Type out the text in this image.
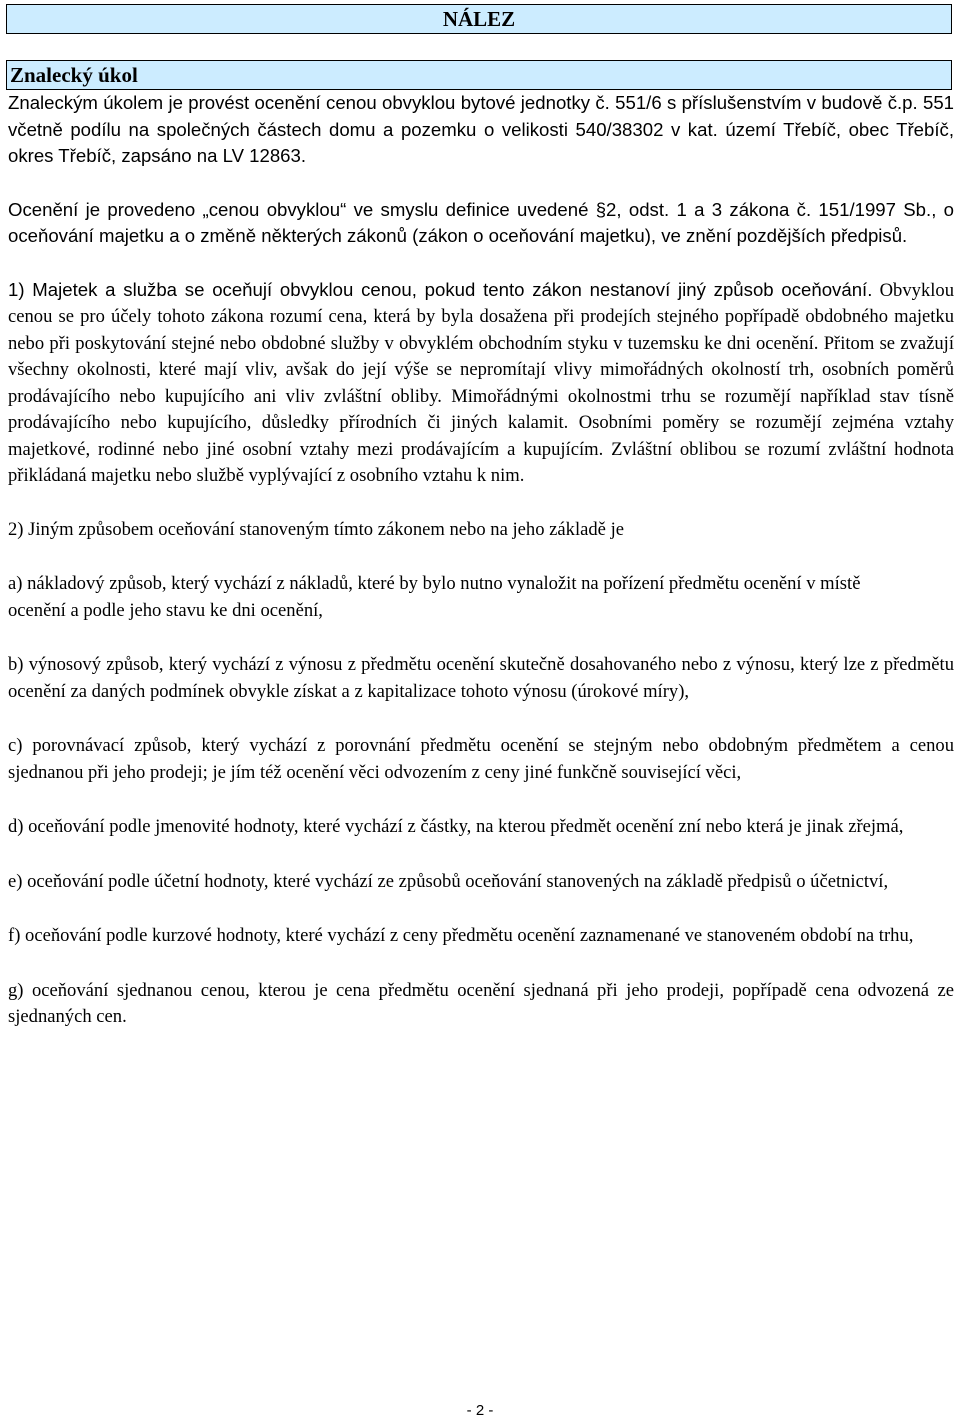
NÁLEZ
Znalecký úkol

Znaleckým úkolem je provést ocenění cenou obvyklou bytové jednotky č. 551/6 s příslušenstvím v budově č.p. 551 včetně podílu na společných částech domu a pozemku o velikosti 540/38302 v kat. území Třebíč, obec Třebíč, okres Třebíč, zapsáno na LV 12863.

Ocenění je provedeno „cenou obvyklou“ ve smyslu definice uvedené §2, odst. 1 a 3 zákona č. 151/1997 Sb., o oceňování majetku a o změně některých zákonů (zákon o oceňování majetku), ve znění pozdějších předpisů.

1) Majetek a služba se oceňují obvyklou cenou, pokud tento zákon nestanoví jiný způsob oceňování. Obvyklou cenou se pro účely tohoto zákona rozumí cena, která by byla dosažena při prodejích stejného popřípadě obdobného majetku nebo při poskytování stejné nebo obdobné služby v obvyklém obchodním styku v tuzemsku ke dni ocenění. Přitom se zvažují všechny okolnosti, které mají vliv, avšak do její výše se nepromítají vlivy mimořádných okolností trh, osobních poměrů prodávajícího nebo kupujícího ani vliv zvláštní obliby. Mimořádnými okolnostmi trhu se rozumějí například stav tísně prodávajícího nebo kupujícího, důsledky přírodních či jiných kalamit. Osobními poměry se rozumějí zejména vztahy majetkové, rodinné nebo jiné osobní vztahy mezi prodávajícím a kupujícím. Zvláštní oblibou se rozumí zvláštní hodnota přikládaná majetku nebo službě vyplývající z osobního vztahu k nim.

2) Jiným způsobem oceňování stanoveným tímto zákonem nebo na jeho základě je

a) nákladový způsob, který vychází z nákladů, které by bylo nutno vynaložit na pořízení předmětu ocenění v místě ocenění a podle jeho stavu ke dni ocenění,

b) výnosový způsob, který vychází z výnosu z předmětu ocenění skutečně dosahovaného nebo z výnosu, který lze z předmětu ocenění za daných podmínek obvykle získat a z kapitalizace tohoto výnosu (úrokové míry),

c) porovnávací způsob, který vychází z porovnání předmětu ocenění se stejným nebo obdobným předmětem a cenou sjednanou při jeho prodeji; je jím též ocenění věci odvozením z ceny jiné funkčně související věci,

d) oceňování podle jmenovité hodnoty, které vychází z částky, na kterou předmět ocenění zní nebo která je jinak zřejmá,

e) oceňování podle účetní hodnoty, které vychází ze způsobů oceňování stanovených na základě předpisů o účetnictví,

f) oceňování podle kurzové hodnoty, které vychází z ceny předmětu ocenění zaznamenané ve stanoveném období na trhu,

g) oceňování sjednanou cenou, kterou je cena předmětu ocenění sjednaná při jeho prodeji, popřípadě cena odvozená ze sjednaných cen.

- 2 -
